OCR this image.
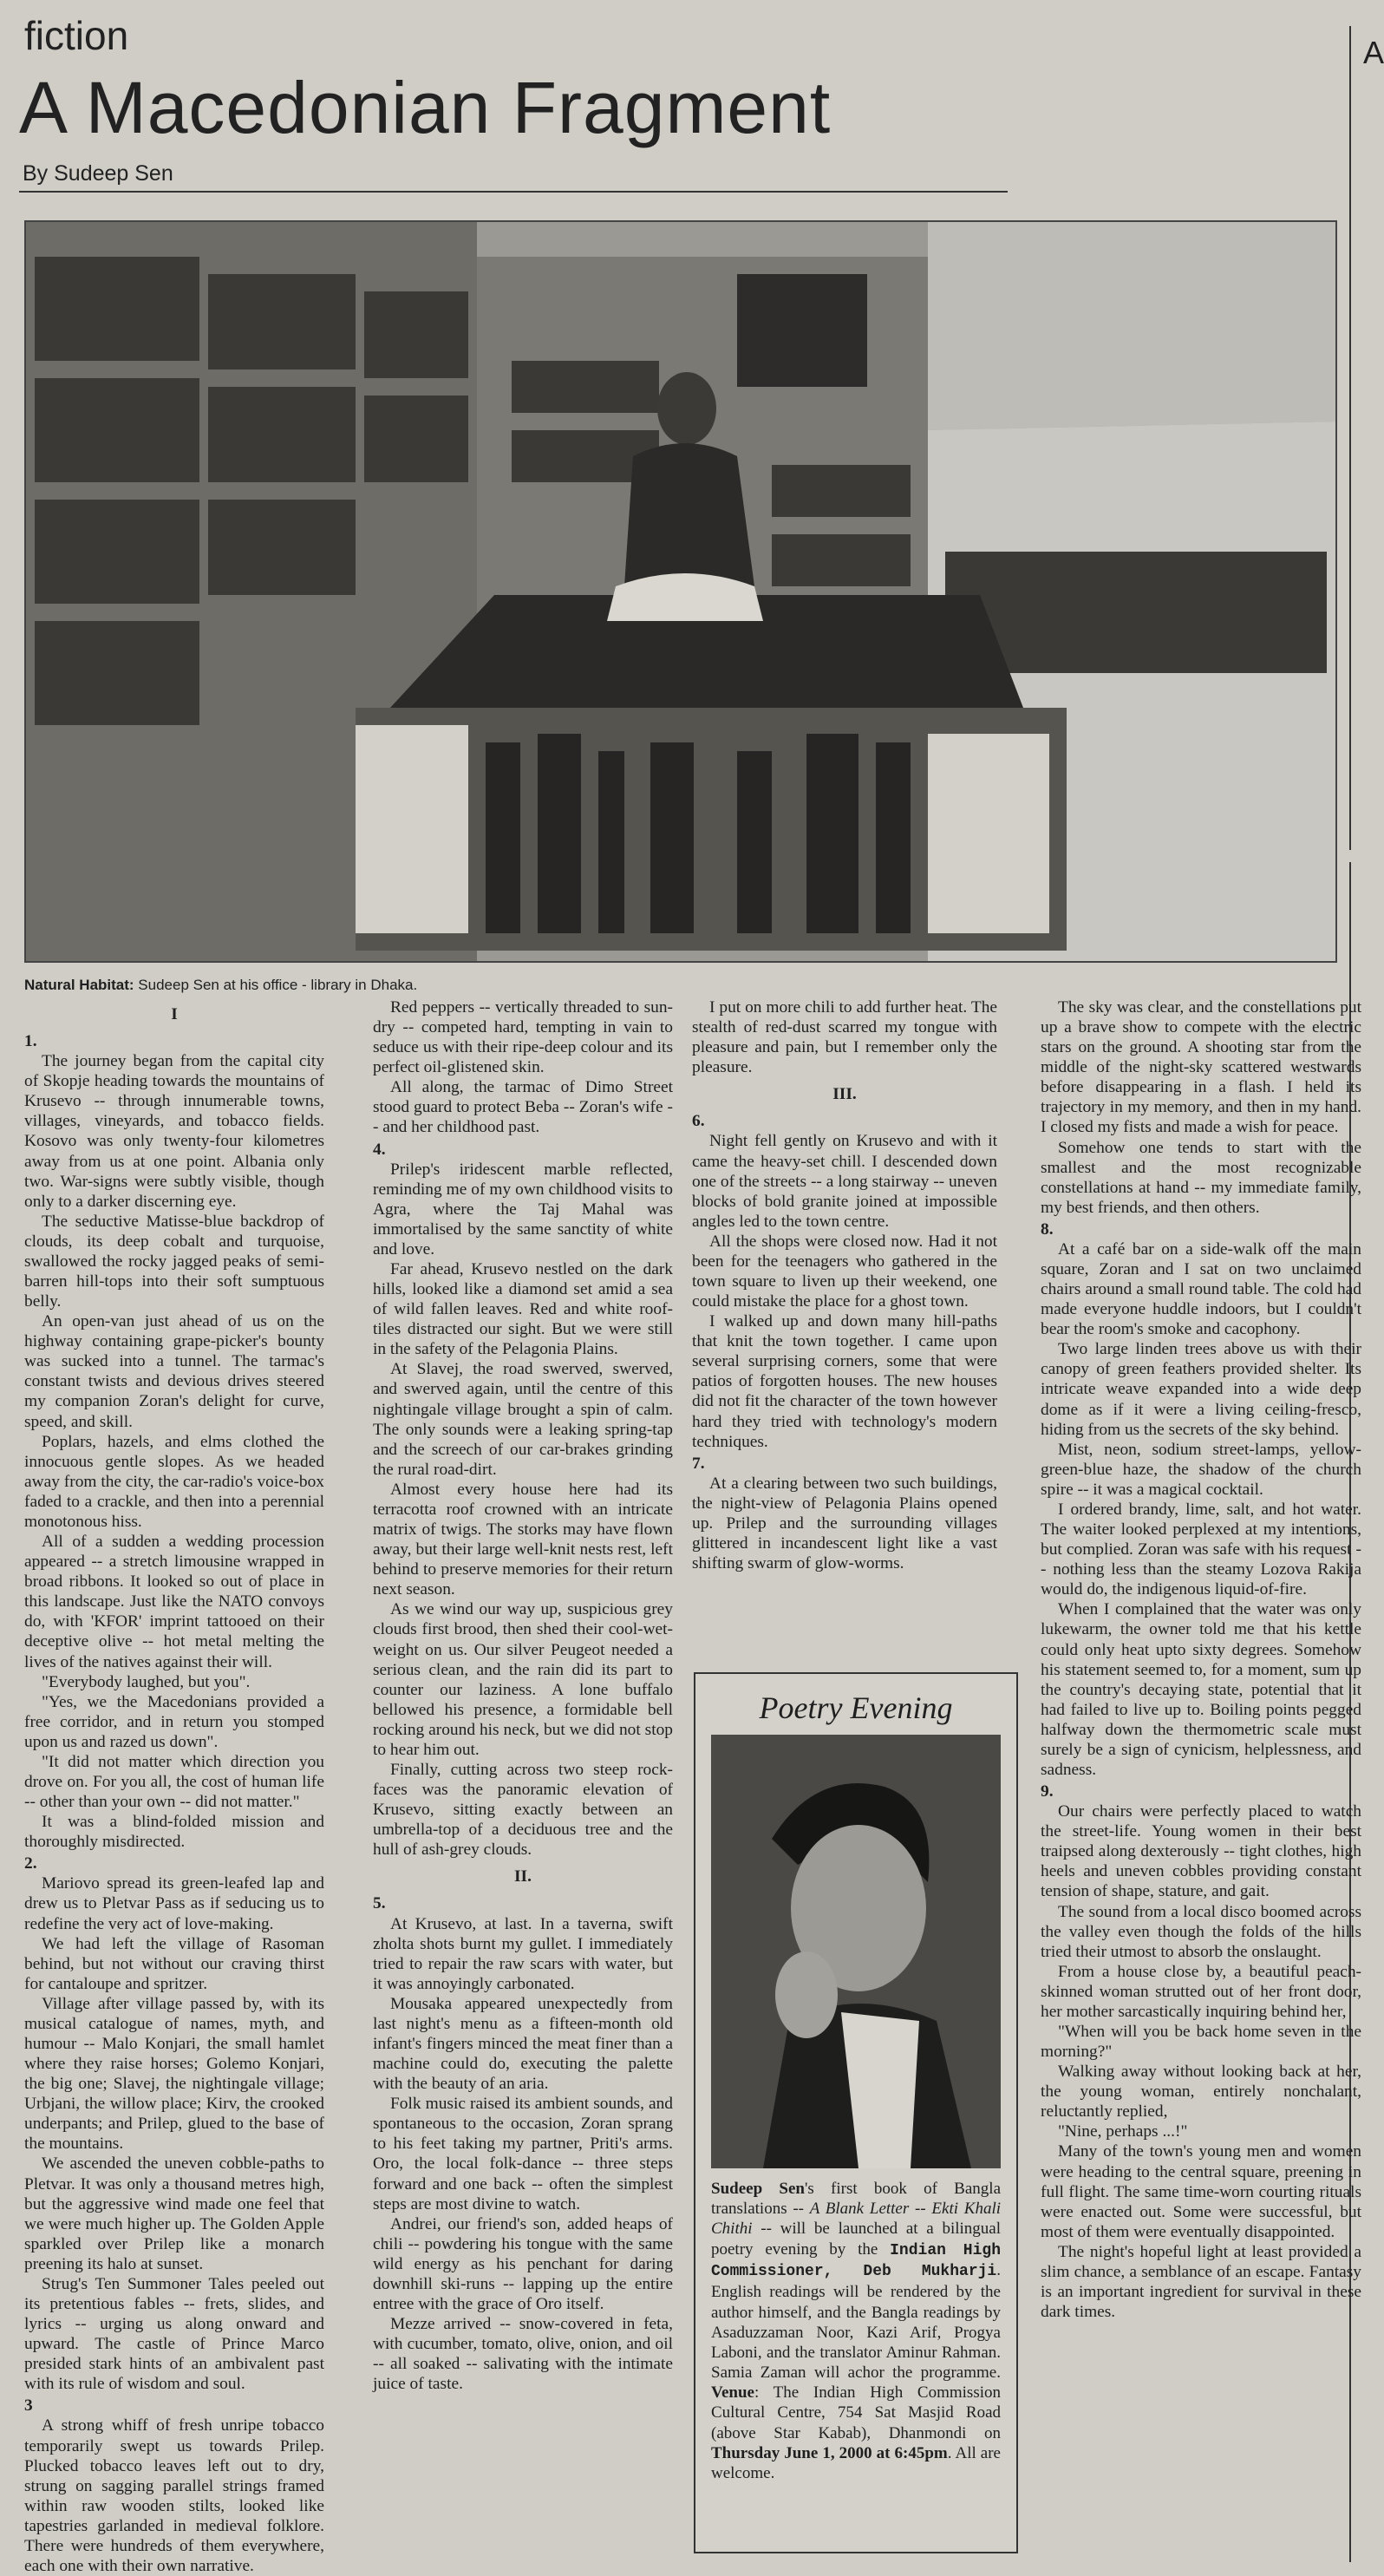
fiction
A Macedonian Fragment
By Sudeep Sen
Natural Habitat: Sudeep Sen at his office - library in Dhaka.
A

I

1.

The journey began from the capital city of Skopje heading towards the mountains of Krusevo -- through innumerable towns, villages, vineyards, and tobacco fields. Kosovo was only twenty-four kilometres away from us at one point. Albania only two. War-signs were subtly visible, though only to a darker discerning eye.

The seductive Matisse-blue backdrop of clouds, its deep cobalt and turquoise, swallowed the rocky jagged peaks of semi-barren hill-tops into their soft sumptuous belly.

An open-van just ahead of us on the highway containing grape-picker's bounty was sucked into a tunnel. The tarmac's constant twists and devious drives steered my companion Zoran's delight for curve, speed, and skill.

Poplars, hazels, and elms clothed the innocuous gentle slopes. As we headed away from the city, the car-radio's voice-box faded to a crackle, and then into a perennial monotonous hiss.

All of a sudden a wedding procession appeared -- a stretch limousine wrapped in broad ribbons. It looked so out of place in this landscape. Just like the NATO convoys do, with 'KFOR' imprint tattooed on their deceptive olive -- hot metal melting the lives of the natives against their will.

"Everybody laughed, but you".

"Yes, we the Macedonians provided a free corridor, and in return you stomped upon us and razed us down".

"It did not matter which direction you drove on. For you all, the cost of human life -- other than your own -- did not matter."

It was a blind-folded mission and thoroughly misdirected.

2.

Mariovo spread its green-leafed lap and drew us to Pletvar Pass as if seducing us to redefine the very act of love-making.

We had left the village of Rasoman behind, but not without our craving thirst for cantaloupe and spritzer.

Village after village passed by, with its musical catalogue of names, myth, and humour -- Malo Konjari, the small hamlet where they raise horses; Golemo Konjari, the big one; Slavej, the nightingale village; Urbjani, the willow place; Kirv, the crooked underpants; and Prilep, glued to the base of the mountains.

We ascended the uneven cobble-paths to Pletvar. It was only a thousand metres high, but the aggressive wind made one feel that we were much higher up. The Golden Apple sparkled over Prilep like a monarch preening its halo at sunset.

Strug's Ten Summoner Tales peeled out its pretentious fables -- frets, slides, and lyrics -- urging us along onward and upward. The castle of Prince Marco presided stark hints of an ambivalent past with its rule of wisdom and soul.

3

A strong whiff of fresh unripe tobacco temporarily swept us towards Prilep. Plucked tobacco leaves left out to dry, strung on sagging parallel strings framed within raw wooden stilts, looked like tapestries garlanded in medieval folklore. There were hundreds of them everywhere, each one with their own narrative.

Red peppers -- vertically threaded to sun-dry -- competed hard, tempting in vain to seduce us with their ripe-deep colour and its perfect oil-glistened skin.

All along, the tarmac of Dimo Street stood guard to protect Beba -- Zoran's wife -- and her childhood past.

4.

Prilep's iridescent marble reflected, reminding me of my own childhood visits to Agra, where the Taj Mahal was immortalised by the same sanctity of white and love.

Far ahead, Krusevo nestled on the dark hills, looked like a diamond set amid a sea of wild fallen leaves. Red and white roof-tiles distracted our sight. But we were still in the safety of the Pelagonia Plains.

At Slavej, the road swerved, swerved, and swerved again, until the centre of this nightingale village brought a spin of calm. The only sounds were a leaking spring-tap and the screech of our car-brakes grinding the rural road-dirt.

Almost every house here had its terracotta roof crowned with an intricate matrix of twigs. The storks may have flown away, but their large well-knit nests rest, left behind to preserve memories for their return next season.

As we wind our way up, suspicious grey clouds first brood, then shed their cool-wet-weight on us. Our silver Peugeot needed a serious clean, and the rain did its part to counter our laziness. A lone buffalo bellowed his presence, a formidable bell rocking around his neck, but we did not stop to hear him out.

Finally, cutting across two steep rock-faces was the panoramic elevation of Krusevo, sitting exactly between an umbrella-top of a deciduous tree and the hull of ash-grey clouds.

II.

5.

At Krusevo, at last. In a taverna, swift zholta shots burnt my gullet. I immediately tried to repair the raw scars with water, but it was annoyingly carbonated.

Mousaka appeared unexpectedly from last night's menu as a fifteen-month old infant's fingers minced the meat finer than a machine could do, executing the palette with the beauty of an aria.

Folk music raised its ambient sounds, and spontaneous to the occasion, Zoran sprang to his feet taking my partner, Priti's arms. Oro, the local folk-dance -- three steps forward and one back -- often the simplest steps are most divine to watch.

Andrei, our friend's son, added heaps of chili -- powdering his tongue with the same wild energy as his penchant for daring downhill ski-runs -- lapping up the entire entree with the grace of Oro itself.

Mezze arrived -- snow-covered in feta, with cucumber, tomato, olive, onion, and oil -- all soaked -- salivating with the intimate juice of taste.

I put on more chili to add further heat. The stealth of red-dust scarred my tongue with pleasure and pain, but I remember only the pleasure.

III.

6.

Night fell gently on Krusevo and with it came the heavy-set chill. I descended down one of the streets -- a long stairway -- uneven blocks of bold granite joined at impossible angles led to the town centre.

All the shops were closed now. Had it not been for the teenagers who gathered in the town square to liven up their weekend, one could mistake the place for a ghost town.

I walked up and down many hill-paths that knit the town together. I came upon several surprising corners, some that were patios of forgotten houses. The new houses did not fit the character of the town however hard they tried with technology's modern techniques.

7.

At a clearing between two such buildings, the night-view of Pelagonia Plains opened up. Prilep and the surrounding villages glittered in incandescent light like a vast shifting swarm of glow-worms.

The sky was clear, and the constellations put up a brave show to compete with the electric stars on the ground. A shooting star from the middle of the night-sky scattered westwards before disappearing in a flash. I held its trajectory in my memory, and then in my hand. I closed my fists and made a wish for peace.

Somehow one tends to start with the smallest and the most recognizable constellations at hand -- my immediate family, my best friends, and then others.

8.

At a café bar on a side-walk off the main square, Zoran and I sat on two unclaimed chairs around a small round table. The cold had made everyone huddle indoors, but I couldn't bear the room's smoke and cacophony.

Two large linden trees above us with their canopy of green feathers provided shelter. Its intricate weave expanded into a wide deep dome as if it were a living ceiling-fresco, hiding from us the secrets of the sky behind.

Mist, neon, sodium street-lamps, yellow-green-blue haze, the shadow of the church spire -- it was a magical cocktail.

I ordered brandy, lime, salt, and hot water. The waiter looked perplexed at my intentions, but complied. Zoran was safe with his request -- nothing less than the steamy Lozova Rakija would do, the indigenous liquid-of-fire.

When I complained that the water was only lukewarm, the owner told me that his kettle could only heat upto sixty degrees. Somehow his statement seemed to, for a moment, sum up the country's decaying state, potential that it had failed to live up to. Boiling points pegged halfway down the thermometric scale must surely be a sign of cynicism, helplessness, and sadness.

9.

Our chairs were perfectly placed to watch the street-life. Young women in their best traipsed along dexterously -- tight clothes, high heels and uneven cobbles providing constant tension of shape, stature, and gait.

The sound from a local disco boomed across the valley even though the folds of the hills tried their utmost to absorb the onslaught.

From a house close by, a beautiful peach-skinned woman strutted out of her front door, her mother sarcastically inquiring behind her,

"When will you be back home seven in the morning?"

Walking away without looking back at her, the young woman, entirely nonchalant, reluctantly replied,

"Nine, perhaps ...!"

Many of the town's young men and women were heading to the central square, preening in full flight. The same time-worn courting rituals were enacted out. Some were successful, but most of them were eventually disappointed.

The night's hopeful light at least provided a slim chance, a semblance of an escape. Fantasy is an important ingredient for survival in these dark times.

Poetry Evening
Sudeep Sen's first book of Bangla translations -- A Blank Letter -- Ekti Khali Chithi -- will be launched at a bilingual poetry evening by the Indian High Commissioner, Deb Mukharji. English readings will be rendered by the author himself, and the Bangla readings by Asaduzzaman Noor, Kazi Arif, Progya Laboni, and the translator Aminur Rahman. Samia Zaman will achor the programme. Venue: The Indian High Commission Cultural Centre, 754 Sat Masjid Road (above Star Kabab), Dhanmondi on Thursday June 1, 2000 at 6:45pm. All are welcome.
